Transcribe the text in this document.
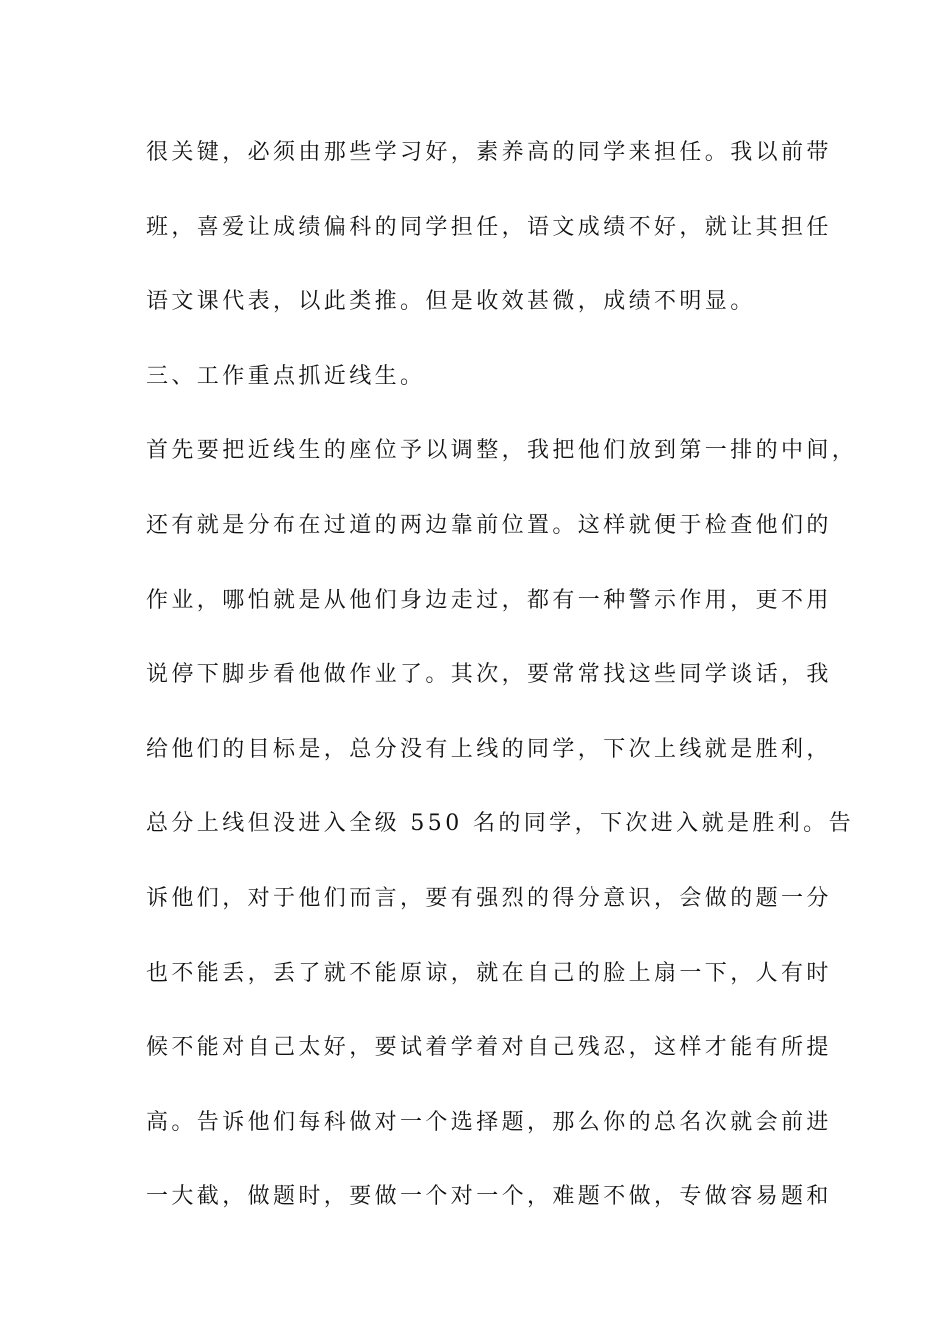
很关键，必须由那些学习好，素养高的同学来担任。我以前带
班，喜爱让成绩偏科的同学担任，语文成绩不好，就让其担任
语文课代表，以此类推。但是收效甚微，成绩不明显。
三、工作重点抓近线生。
首先要把近线生的座位予以调整，我把他们放到第一排的中间，
还有就是分布在过道的两边靠前位置。这样就便于检查他们的
作业，哪怕就是从他们身边走过，都有一种警示作用，更不用
说停下脚步看他做作业了。其次，要常常找这些同学谈话，我
给他们的目标是，总分没有上线的同学，下次上线就是胜利，
总分上线但没进入全级 550 名的同学，下次进入就是胜利。告
诉他们，对于他们而言，要有强烈的得分意识，会做的题一分
也不能丢，丢了就不能原谅，就在自己的脸上扇一下，人有时
候不能对自己太好，要试着学着对自己残忍，这样才能有所提
高。告诉他们每科做对一个选择题，那么你的总名次就会前进
一大截，做题时，要做一个对一个，难题不做，专做容易题和
